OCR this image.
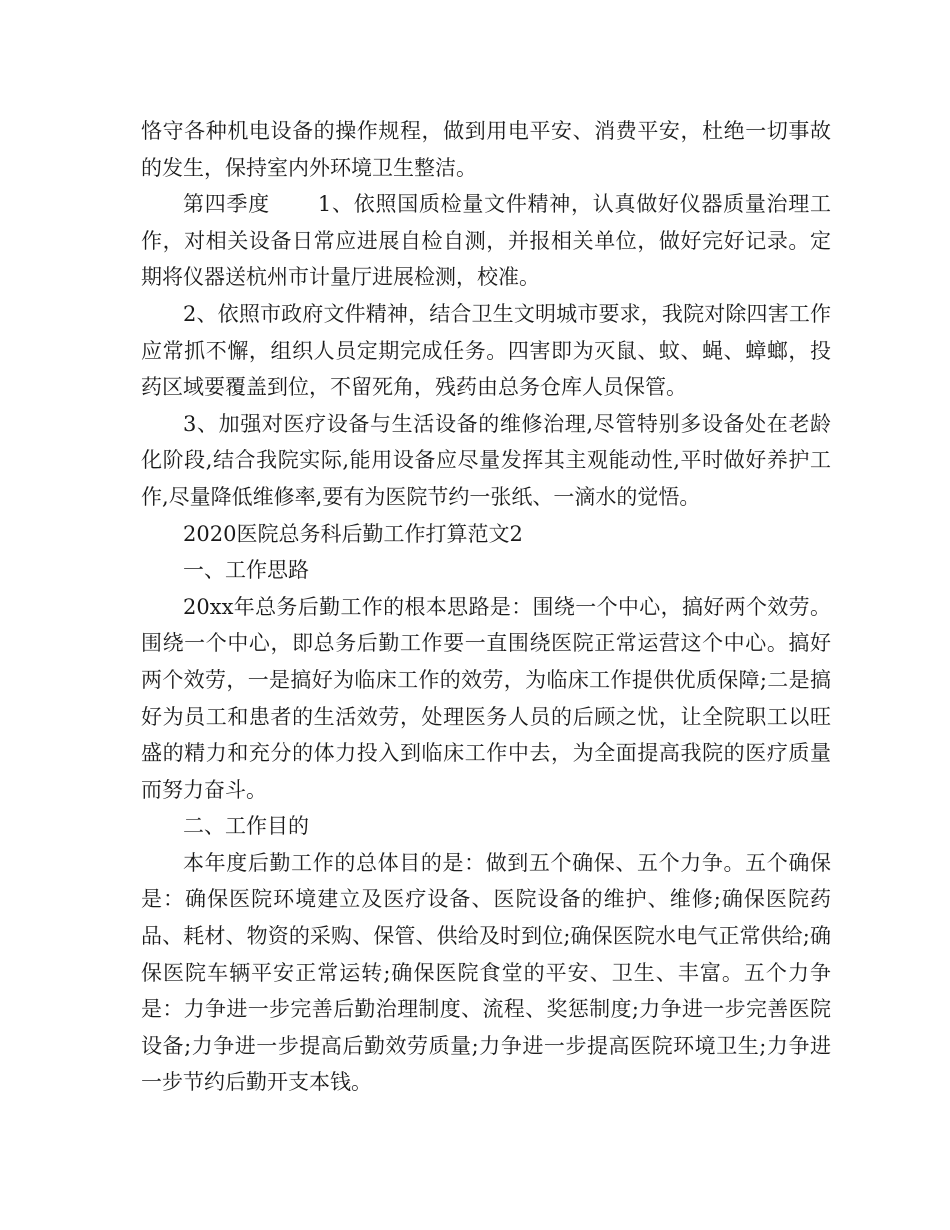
恪守各种机电设备的操作规程，做到用电平安、消费平安，杜绝一切事故的发生，保持室内外环境卫生整洁。

第四季度 1、依照国质检量文件精神，认真做好仪器质量治理工作，对相关设备日常应进展自检自测，并报相关单位，做好完好记录。定期将仪器送杭州市计量厅进展检测，校准。

2、依照市政府文件精神，结合卫生文明城市要求，我院对除四害工作应常抓不懈，组织人员定期完成任务。四害即为灭鼠、蚊、蝇、蟑螂，投药区域要覆盖到位，不留死角，残药由总务仓库人员保管。

3、加强对医疗设备与生活设备的维修治理,尽管特别多设备处在老龄化阶段,结合我院实际,能用设备应尽量发挥其主观能动性,平时做好养护工作,尽量降低维修率,要有为医院节约一张纸、一滴水的觉悟。

2020医院总务科后勤工作打算范文2

一、工作思路

20xx年总务后勤工作的根本思路是：围绕一个中心，搞好两个效劳。围绕一个中心，即总务后勤工作要一直围绕医院正常运营这个中心。搞好两个效劳，一是搞好为临床工作的效劳，为临床工作提供优质保障;二是搞好为员工和患者的生活效劳，处理医务人员的后顾之忧，让全院职工以旺盛的精力和充分的体力投入到临床工作中去，为全面提高我院的医疗质量而努力奋斗。

二、工作目的

本年度后勤工作的总体目的是：做到五个确保、五个力争。五个确保是：确保医院环境建立及医疗设备、医院设备的维护、维修;确保医院药品、耗材、物资的采购、保管、供给及时到位;确保医院水电气正常供给;确保医院车辆平安正常运转;确保医院食堂的平安、卫生、丰富。五个力争是：力争进一步完善后勤治理制度、流程、奖惩制度;力争进一步完善医院设备;力争进一步提高后勤效劳质量;力争进一步提高医院环境卫生;力争进一步节约后勤开支本钱。
